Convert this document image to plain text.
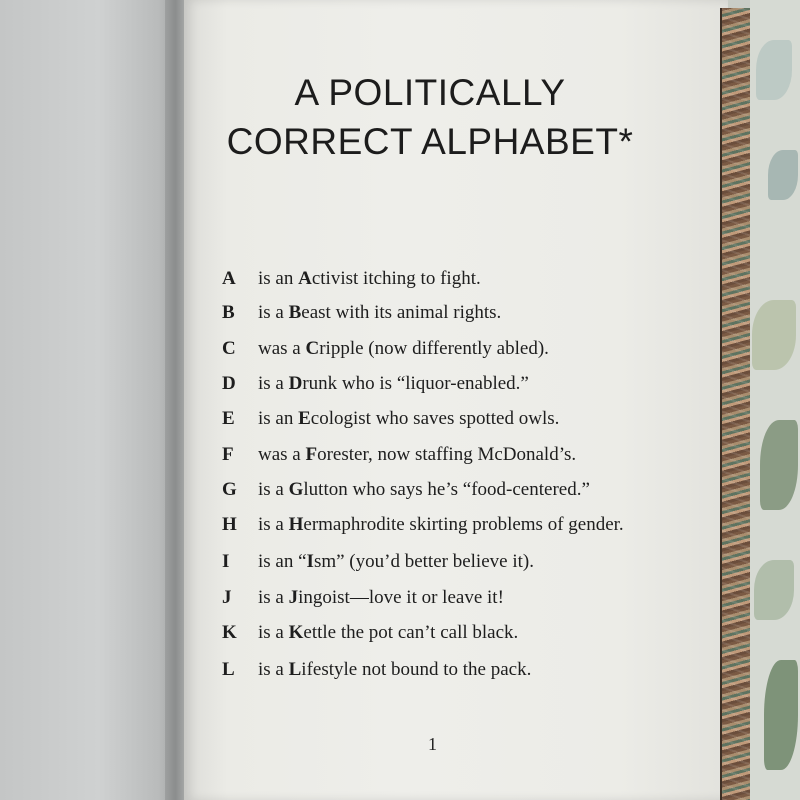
A POLITICALLY
CORRECT ALPHABET*
A is an Activist itching to fight.
B is a Beast with its animal rights.
C was a Cripple (now differently abled).
D is a Drunk who is “liquor-enabled.”
E is an Ecologist who saves spotted owls.
F was a Forester, now staffing McDonald’s.
G is a Glutton who says he’s “food-centered.”
H is a Hermaphrodite skirting problems of gender.
I is an “Ism” (you’d better believe it).
J is a Jingoist—love it or leave it!
K is a Kettle the pot can’t call black.
L is a Lifestyle not bound to the pack.
1
